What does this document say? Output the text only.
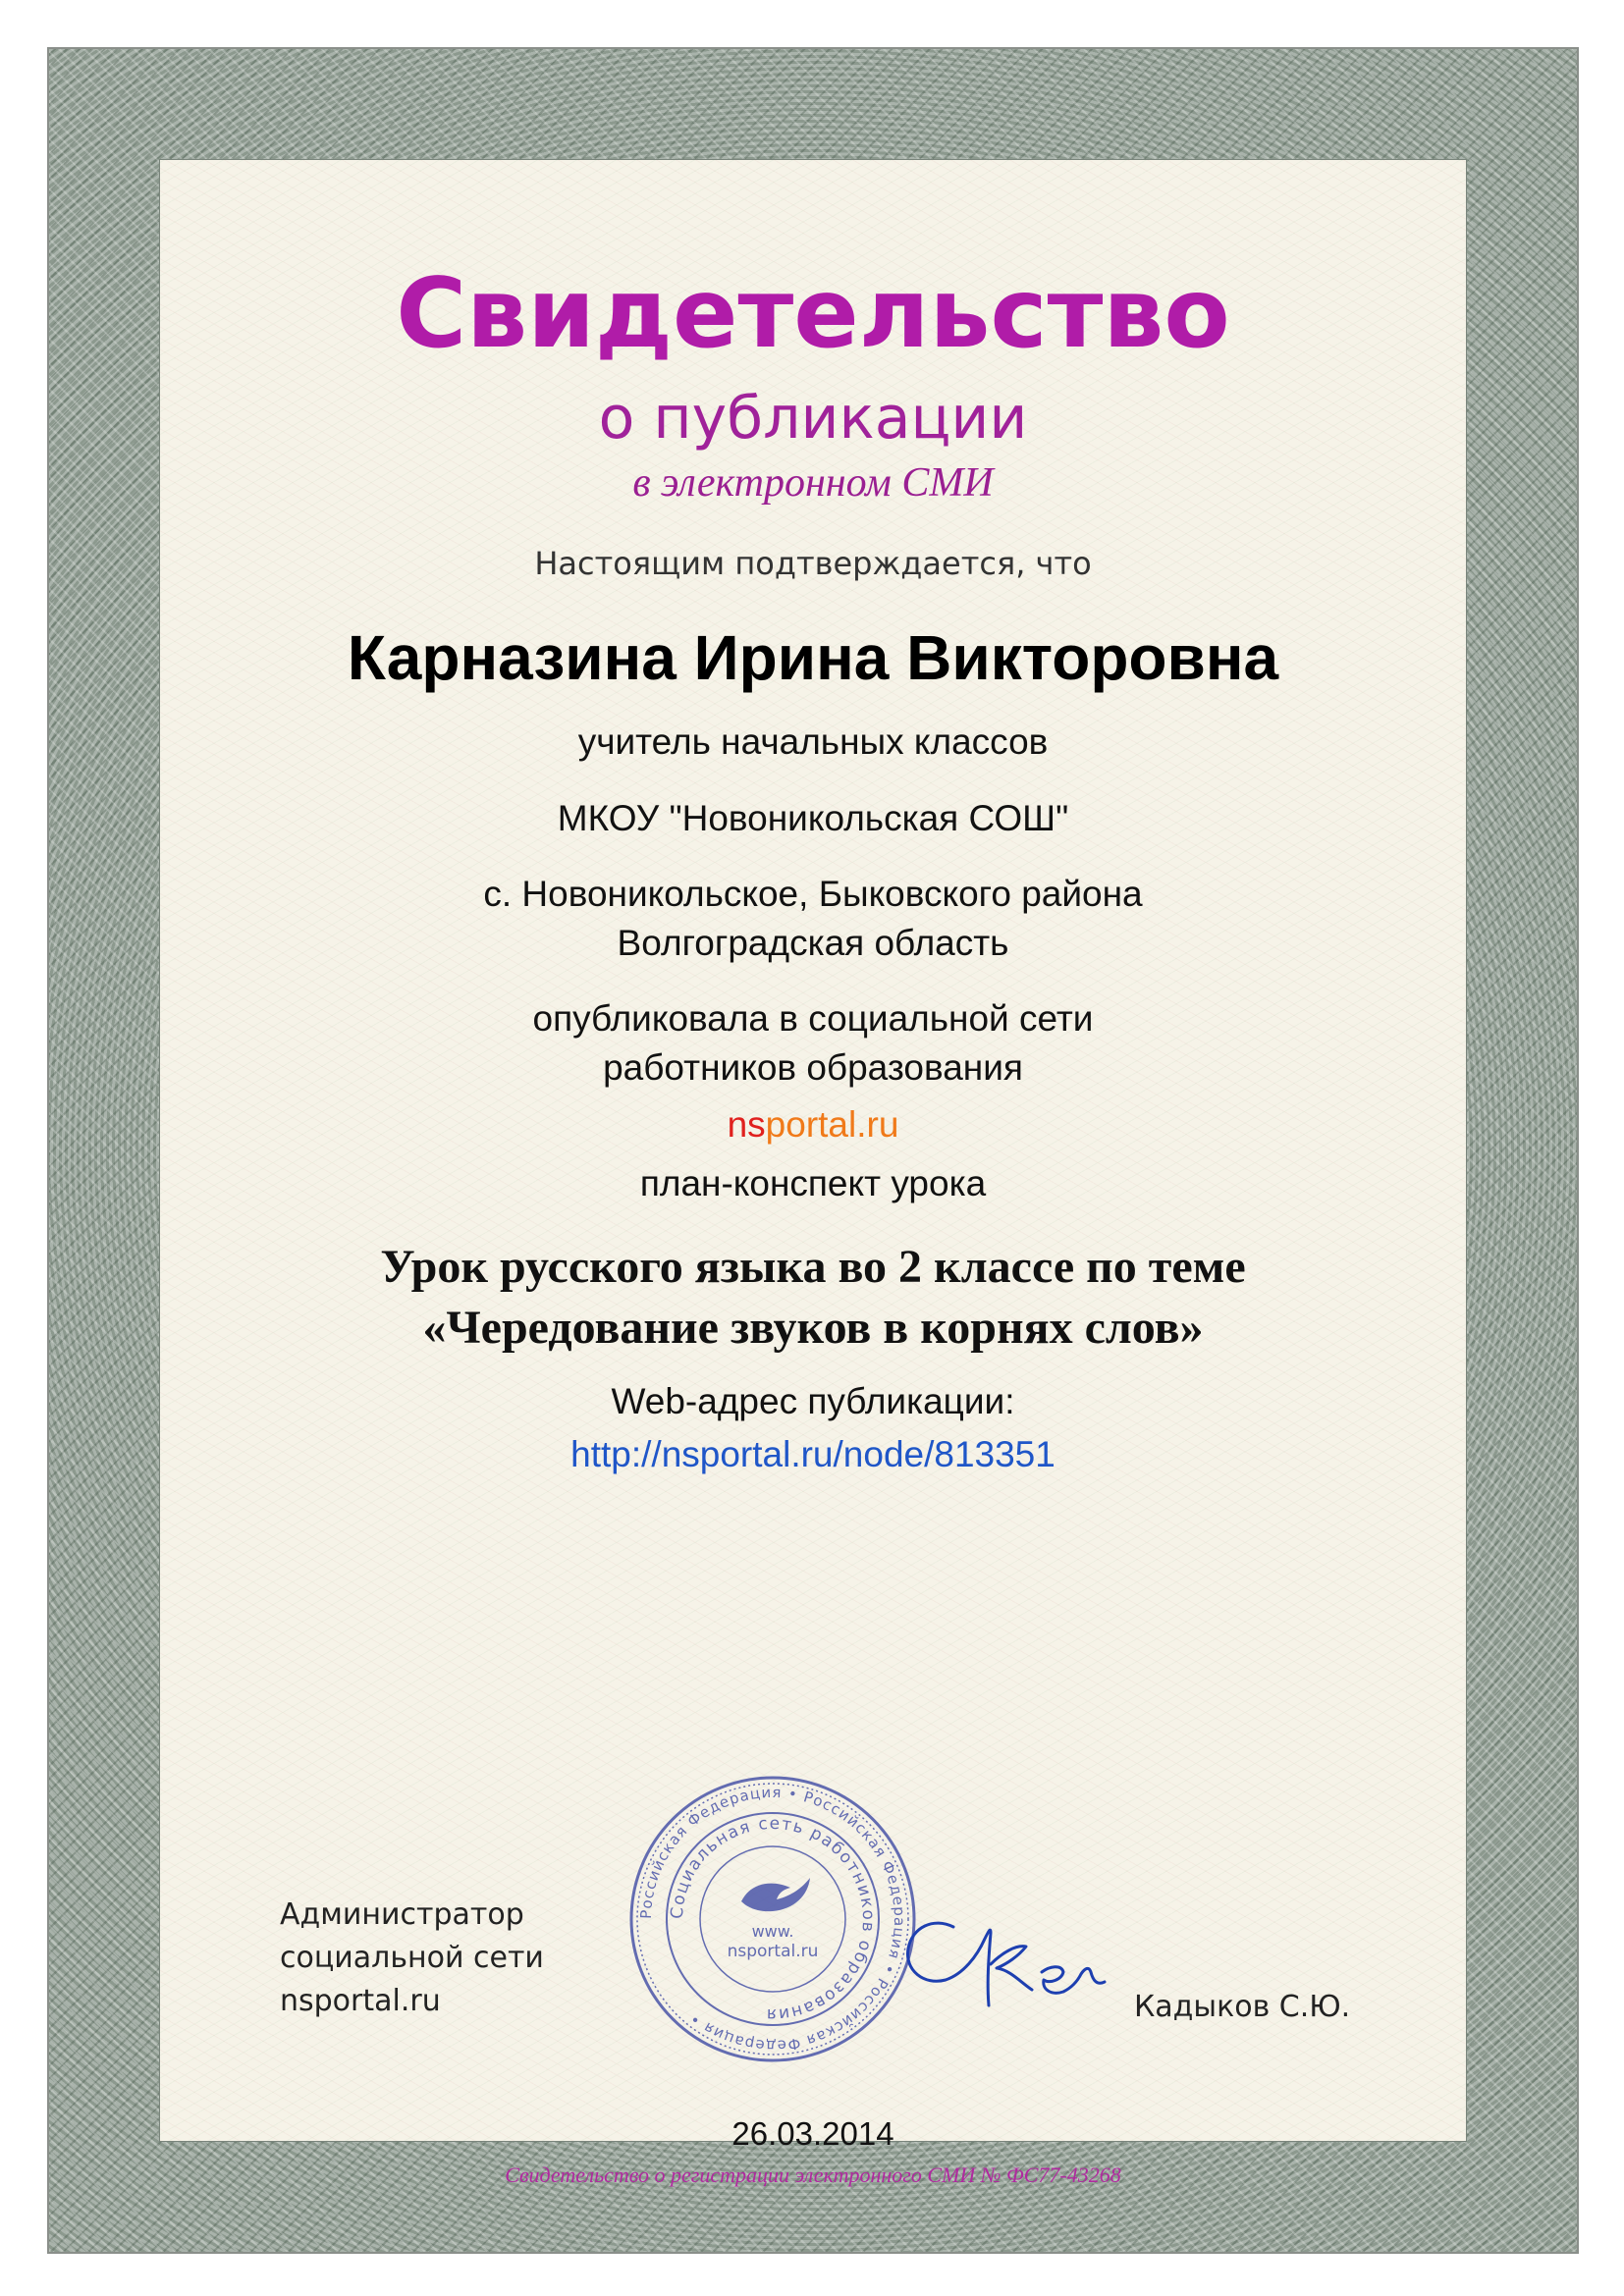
Свидетельство
о публикации
в электронном СМИ
Настоящим подтверждается, что
Карназина Ирина Викторовна
учитель начальных классов
МКОУ "Новоникольская СОШ"
с. Новоникольское, Быковского района
Волгоградская область
опубликовала в социальной сети
работников образования
nsportal.ru
план-конспект урока
Урок русского языка во 2 классе по теме
«Чередование звуков в корнях слов»
Web-адрес публикации:
http://nsportal.ru/node/813351
Администратор
социальной сети
nsportal.ru
Российская Федерация • Российская Федерация • Российская Федерация •
Социальная сеть работников образования
www.
nsportal.ru
Кадыков С.Ю.
26.03.2014
Свидетельство о регистрации электронного СМИ № ФС77-43268
